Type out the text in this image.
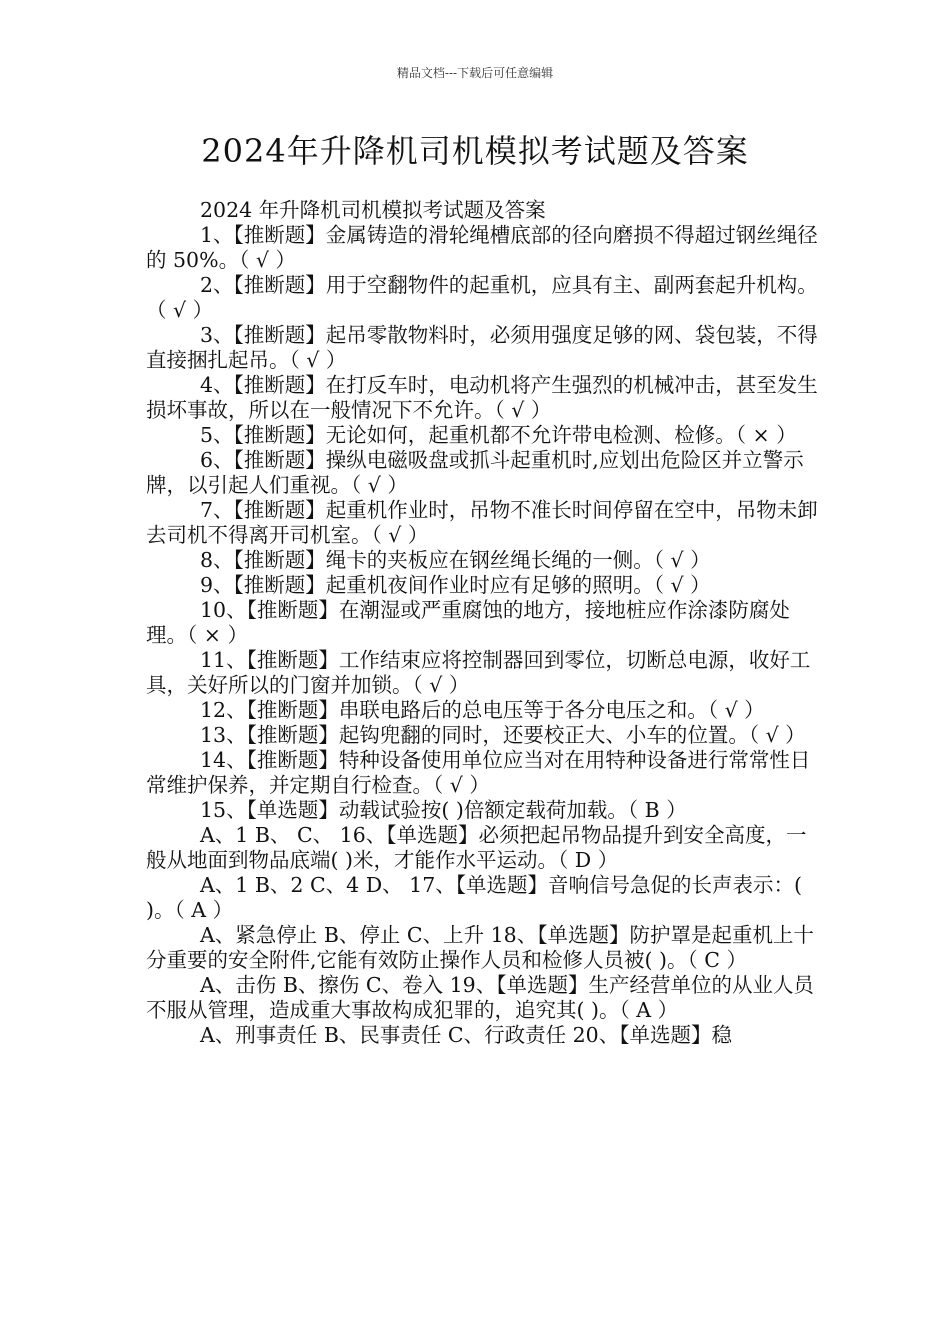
精品文档---下载后可任意编辑
2024年升降机司机模拟考试题及答案

2024 年升降机司机模拟考试题及答案

1、【推断题】金属铸造的滑轮绳槽底部的径向磨损不得超过钢丝绳径的 50%。（ √ ）

2、【推断题】用于空翻物件的起重机，应具有主、副两套起升机构。（ √ ）

3、【推断题】起吊零散物料时，必须用强度足够的网、袋包装，不得直接捆扎起吊。（ √ ）

4、【推断题】在打反车时，电动机将产生强烈的机械冲击，甚至发生损坏事故，所以在一般情况下不允许。（ √ ）

5、【推断题】无论如何，起重机都不允许带电检测、检修。（ × ）

6、【推断题】操纵电磁吸盘或抓斗起重机时,应划出危险区并立警示牌，以引起人们重视。（ √ ）

7、【推断题】起重机作业时，吊物不准长时间停留在空中，吊物未卸去司机不得离开司机室。（ √ ）

8、【推断题】绳卡的夹板应在钢丝绳长绳的一侧。（ √ ）

9、【推断题】起重机夜间作业时应有足够的照明。（ √ ）

10、【推断题】在潮湿或严重腐蚀的地方，接地桩应作涂漆防腐处理。（ × ）

11、【推断题】工作结束应将控制器回到零位，切断总电源，收好工具，关好所以的门窗并加锁。（ √ ）

12、【推断题】串联电路后的总电压等于各分电压之和。（ √ ）

13、【推断题】起钩兜翻的同时，还要校正大、小车的位置。（ √ ）

14、【推断题】特种设备使用单位应当对在用特种设备进行常常性日常维护保养，并定期自行检查。（ √ ）

15、【单选题】动载试验按( )倍额定载荷加载。（ B ）

A、1 B、 C、 16、【单选题】必须把起吊物品提升到安全高度，一般从地面到物品底端( )米，才能作水平运动。（ D ）

A、1 B、2 C、4 D、 17、【单选题】音响信号急促的长声表示：( )。（ A ）

A、紧急停止 B、停止 C、上升 18、【单选题】防护罩是起重机上十分重要的安全附件,它能有效防止操作人员和检修人员被( )。（ C ）

A、击伤 B、擦伤 C、卷入 19、【单选题】生产经营单位的从业人员不服从管理，造成重大事故构成犯罪的，追究其( )。（ A ）

A、刑事责任 B、民事责任 C、行政责任 20、【单选题】稳
